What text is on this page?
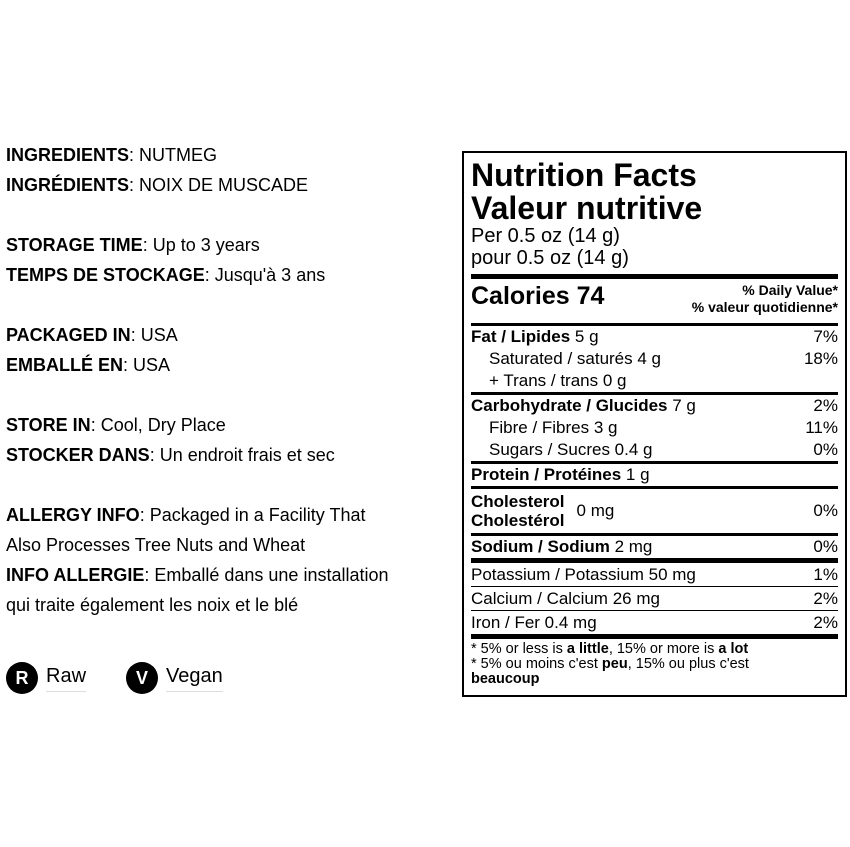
INGREDIENTS: NUTMEG
INGRÉDIENTS: NOIX DE MUSCADE
STORAGE TIME: Up to 3 years
TEMPS DE STOCKAGE: Jusqu'à 3 ans
PACKAGED IN: USA
EMBALLÉ EN: USA
STORE IN: Cool, Dry Place
STOCKER DANS: Un endroit frais et sec
ALLERGY INFO: Packaged in a Facility That
Also Processes Tree Nuts and Wheat
INFO ALLERGIE: Emballé dans une installation
qui traite également les noix et le blé
R Raw	V Vegan
Nutrition Facts
Valeur nutritive
Per 0.5 oz (14 g)
pour 0.5 oz (14 g)
Calories 74	% Daily Value*
% valeur quotidienne*
Fat / Lipides 5 g	7%
Saturated / saturés 4 g	18%
+ Trans / trans 0 g
Carbohydrate / Glucides 7 g	2%
Fibre / Fibres 3 g	11%
Sugars / Sucres 0.4 g	0%
Protein / Protéines 1 g
Cholesterol
Cholestérol
0 mg	0%
Sodium / Sodium 2 mg	0%
Potassium / Potassium 50 mg	1%
Calcium / Calcium 26 mg	2%
Iron / Fer 0.4 mg	2%
* 5% or less is a little, 15% or more is a lot
* 5% ou moins c'est peu, 15% ou plus c'est
beaucoup
